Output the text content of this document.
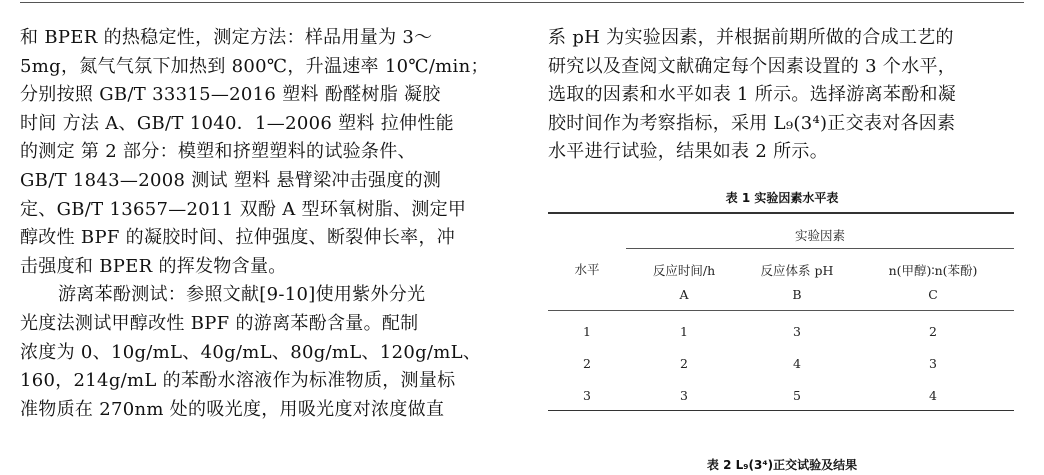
和 BPER 的热稳定性，测定方法：样品用量为 3～
5mg，氮气气氛下加热到 800℃，升温速率 10℃/min；
分别按照 GB/T 33315—2016 塑料 酚醛树脂 凝胶
时间 方法 A、GB/T 1040．1—2006 塑料 拉伸性能
的测定 第 2 部分：模塑和挤塑塑料的试验条件、
GB/T 1843—2008 测试 塑料 悬臂梁冲击强度的测
定、GB/T 13657—2011 双酚 A 型环氧树脂、测定甲
醇改性 BPF 的凝胶时间、拉伸强度、断裂伸长率，冲
击强度和 BPER 的挥发物含量。
游离苯酚测试：参照文献[9-10]使用紫外分光
光度法测试甲醇改性 BPF 的游离苯酚含量。配制
浓度为 0、10g/mL、40g/mL、80g/mL、120g/mL、
160，214g/mL 的苯酚水溶液作为标准物质，测量标
准物质在 270nm 处的吸光度，用吸光度对浓度做直
系 pH 为实验因素，并根据前期所做的合成工艺的
研究以及查阅文献确定每个因素设置的 3 个水平，
选取的因素和水平如表 1 所示。选择游离苯酚和凝
胶时间作为考察指标，采用 L₉(3⁴)正交表对各因素
水平进行试验，结果如表 2 所示。
表 1 实验因素水平表
实验因素
水平	反应时间/h	反应体系 pH	n(甲醇)∶n(苯酚)
A	B	C
1	1	3	2
2	2	4	3
3	3	5	4
表 2 L₉(3⁴)正交试验及结果
